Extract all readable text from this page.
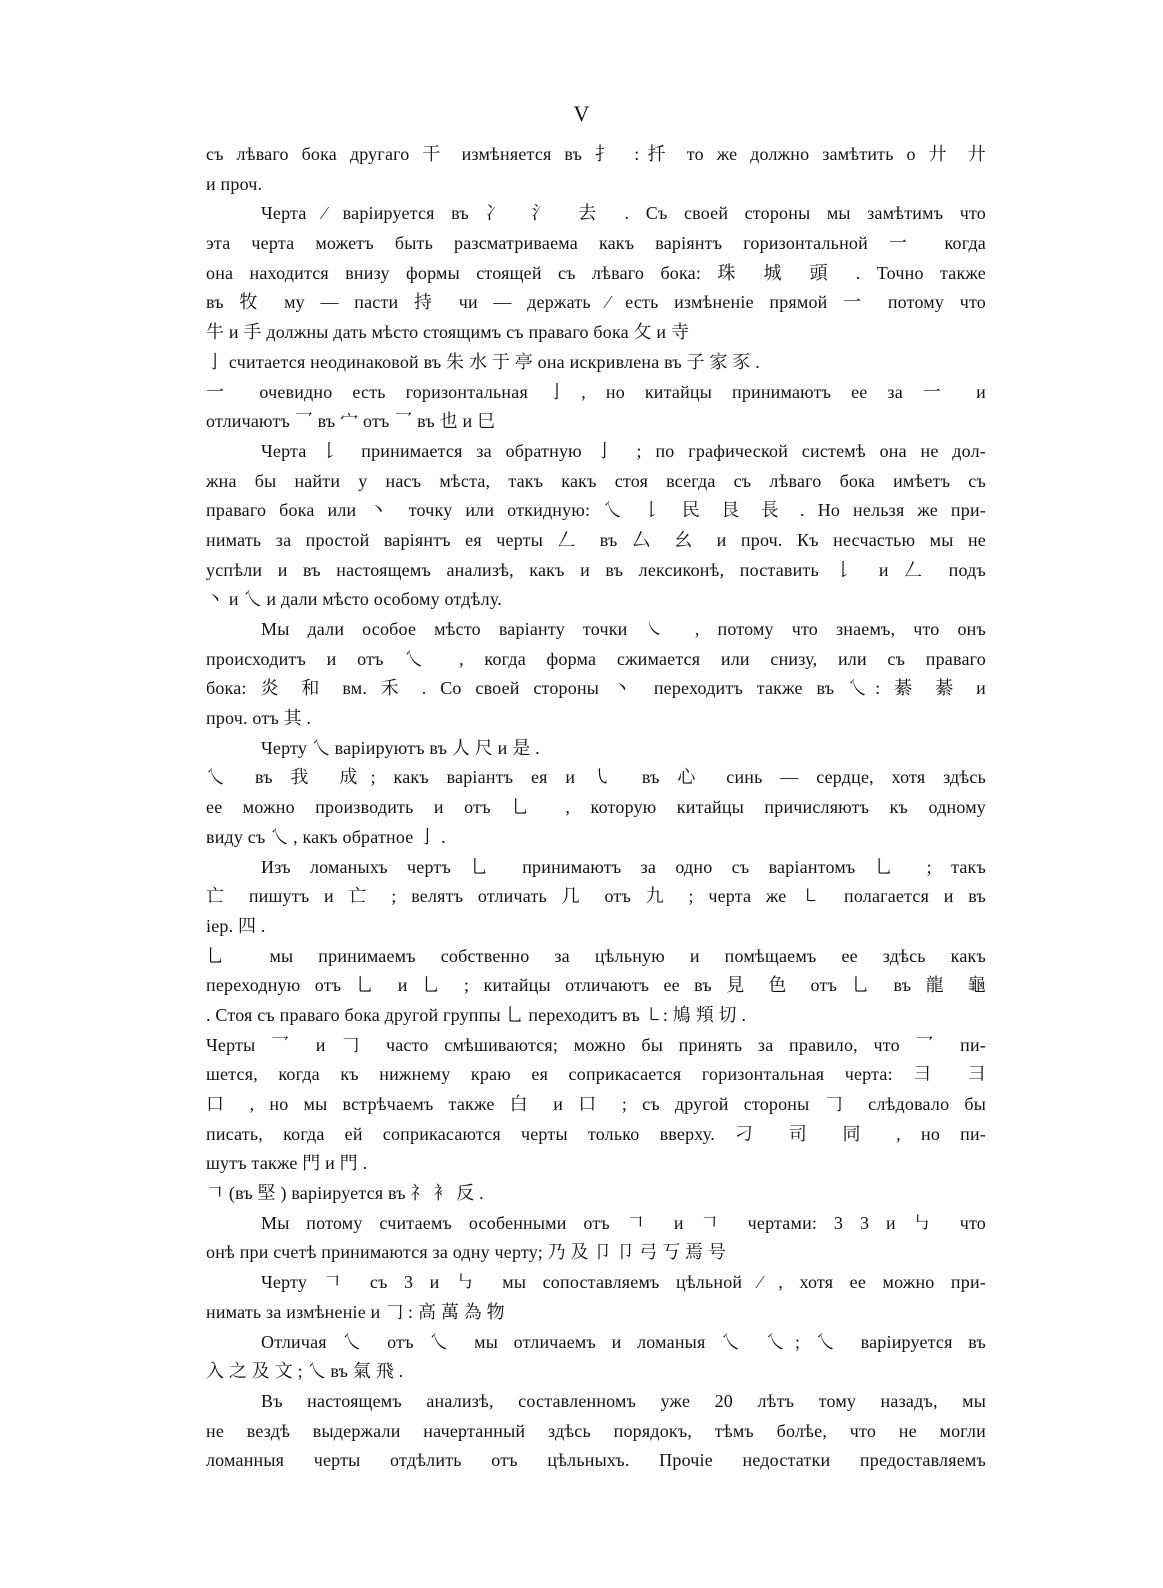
V
съ лѣваго бока другаго 干 измѣняется въ 扌 :扦 то же должно замѣтить о 廾 廾
и проч.
Черта ⁄ варіируется въ 冫 氵 去 . Съ своей стороны мы замѣтимъ что
эта черта можетъ быть разсматриваема какъ варіянтъ горизонтальной 一 когда
она находится внизу формы стоящей съ лѣваго бока: 珠 城 頭 . Точно также
въ 牧 му — пасти 持 чи — держать ⁄ есть измѣненіе прямой 一 потому что
牛 и 手 должны дать мѣсто стоящимъ съ праваго бока 攵 и 寺
亅 считается неодинаковой въ 朱 水 于 亭 она искривлена въ 子 家 豕 .
一 очевидно есть горизонтальная 亅, но китайцы принимаютъ ее за 一 и
отличаютъ 乛 въ 宀 отъ 乛 въ 也 и 巳
Черта 𠄌 принимается за обратную 亅 ; по графической системѣ она не дол-
жна бы найти у насъ мѣста, такъ какъ стоя всегда съ лѣваго бока имѣетъ съ
праваго бока или 丶 точку или откидную: 乀 𠄌 民 艮 長 . Но нельзя же при-
нимать за простой варіянтъ ея черты 𠃋 въ 厶 幺 и проч. Къ несчастью мы не
успѣли и въ настоящемъ анализѣ, какъ и въ лексиконѣ, поставить 𠄌 и 𠃋 подъ
丶 и 乀 и дали мѣсто особому отдѣлу.
Мы дали особое мѣсто варіанту точки ㇏ , потому что знаемъ, что онъ
происходитъ и отъ 乀 , когда форма сжимается или снизу, или съ праваго
бока: 炎 和 вм. 禾 . Со своей стороны 丶 переходитъ также въ 乀: 綦 綦 и
проч. отъ 其 .
Черту 乀 варіируютъ въ 人 尺 и 是 .
乀 въ 我 成; какъ варіантъ ея и ㇂ въ 心 синь — сердце, хотя здѣсь
ее можно производить и отъ 乚 , которую китайцы причисляютъ къ одному
виду съ 乀 , какъ обратное 亅 .
Изъ ломаныхъ чертъ 乚 принимаютъ за одно съ варіантомъ 乚 ; такъ
亡 пишутъ и 亡 ; велятъ отличать 几 отъ 九 ; черта же ㇄ полагается и въ
іер. 四 .
乚 мы принимаемъ собственно за цѣльную и помѣщаемъ ее здѣсь какъ
переходную отъ 乚 и 乚 ; китайцы отличаютъ ее въ 見 色 отъ 乚 въ 龍 龜
. Стоя съ праваго бока другой группы 乚 переходитъ въ ㇄: 鳩 頖 切 .
Черты 乛 и 𠃌 часто смѣшиваются; можно бы принять за правило, что 乛 пи-
шется, когда къ нижнему краю ея соприкасается горизонтальная черта: 彐 彐
口 , но мы встрѣчаемъ также 白 и 口 ; съ другой стороны 𠃌 слѣдовало бы
писать, когда ей соприкасаются черты только вверху. 刁 司 同 , но пи-
шутъ также 門 и 門 .
𠃍 (въ 堅 ) варіируется въ 礻 衤 反 .
Мы потому считаемъ особенными отъ 𠃍 и 𠃍 чертами: 3 3 и ㇉ что
онѣ при счетѣ принимаются за одну черту; 乃 及 卩 卩 弓 丂 焉 号
Черту 𠃍 съ 3 и ㇉ мы сопоставляемъ цѣльной ⁄ , хотя ее можно при-
нимать за измѣненіе и 𠃌 : 高 萬 為 物
Отличая 乀 отъ 乀 мы отличаемъ и ломаныя 乀 乀; 乀 варіируется въ
入 之 及 文 ; 乀 въ 氣 飛 .
Въ настоящемъ анализѣ, составленномъ уже 20 лѣтъ тому назадъ, мы
не вездѣ выдержали начертанный здѣсь порядокъ, тѣмъ болѣе, что не могли
ломанныя черты отдѣлить отъ цѣльныхъ. Прочіе недостатки предоставляемъ
